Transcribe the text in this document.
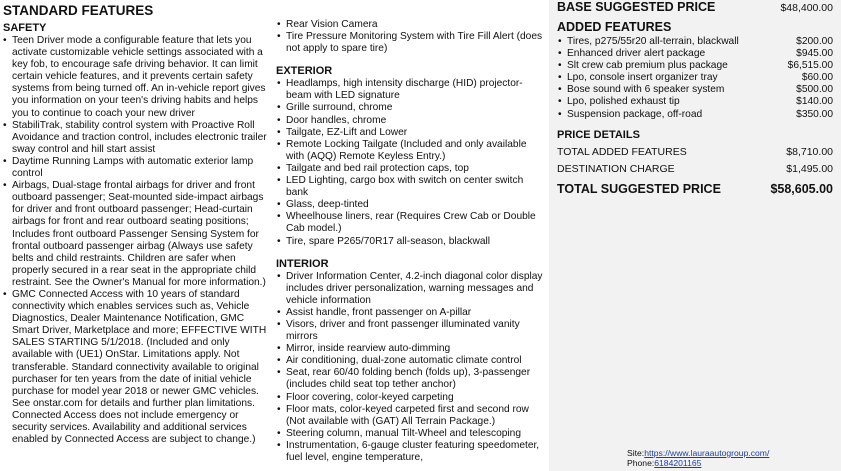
STANDARD FEATURES
SAFETY
• Teen Driver mode a configurable feature that lets you activate customizable vehicle settings associated with a key fob, to encourage safe driving behavior. It can limit certain vehicle features, and it prevents certain safety systems from being turned off. An in-vehicle report gives you information on your teen's driving habits and helps you to continue to coach your new driver
• StabiliTrak, stability control system with Proactive Roll Avoidance and traction control, includes electronic trailer sway control and hill start assist
• Daytime Running Lamps with automatic exterior lamp control
• Airbags, Dual-stage frontal airbags for driver and front outboard passenger; Seat-mounted side-impact airbags for driver and front outboard passenger; Head-curtain airbags for front and rear outboard seating positions; Includes front outboard Passenger Sensing System for frontal outboard passenger airbag (Always use safety belts and child restraints. Children are safer when properly secured in a rear seat in the appropriate child restraint. See the Owner's Manual for more information.)
• GMC Connected Access with 10 years of standard connectivity which enables services such as, Vehicle Diagnostics, Dealer Maintenance Notification, GMC Smart Driver, Marketplace and more; EFFECTIVE WITH SALES STARTING 5/1/2018. (Included and only available with (UE1) OnStar. Limitations apply. Not transferable. Standard connectivity available to original purchaser for ten years from the date of initial vehicle purchase for model year 2018 or newer GMC vehicles. See onstar.com for details and further plan limitations. Connected Access does not include emergency or security services. Availability and additional services enabled by Connected Access are subject to change.)
• Rear Vision Camera
• Tire Pressure Monitoring System with Tire Fill Alert (does not apply to spare tire)
EXTERIOR
• Headlamps, high intensity discharge (HID) projector-beam with LED signature
• Grille surround, chrome
• Door handles, chrome
• Tailgate, EZ-Lift and Lower
• Remote Locking Tailgate (Included and only available with (AQQ) Remote Keyless Entry.)
• Tailgate and bed rail protection caps, top
• LED Lighting, cargo box with switch on center switch bank
• Glass, deep-tinted
• Wheelhouse liners, rear (Requires Crew Cab or Double Cab model.)
• Tire, spare P265/70R17 all-season, blackwall
INTERIOR
• Driver Information Center, 4.2-inch diagonal color display includes driver personalization, warning messages and vehicle information
• Assist handle, front passenger on A-pillar
• Visors, driver and front passenger illuminated vanity mirrors
• Mirror, inside rearview auto-dimming
• Air conditioning, dual-zone automatic climate control
• Seat, rear 60/40 folding bench (folds up), 3-passenger (includes child seat top tether anchor)
• Floor covering, color-keyed carpeting
• Floor mats, color-keyed carpeted first and second row (Not available with (GAT) All Terrain Package.)
• Steering column, manual Tilt-Wheel and telescoping
• Instrumentation, 6-gauge cluster featuring speedometer, fuel level, engine temperature,
BASE SUGGESTED PRICE	$48,400.00
ADDED FEATURES
• Tires, p275/55r20 all-terrain, blackwall	$200.00
• Enhanced driver alert package	$945.00
• Slt crew cab premium plus package	$6,515.00
• Lpo, console insert organizer tray	$60.00
• Bose sound with 6 speaker system	$500.00
• Lpo, polished exhaust tip	$140.00
• Suspension package, off-road	$350.00
PRICE DETAILS
TOTAL ADDED FEATURES	$8,710.00
DESTINATION CHARGE	$1,495.00
TOTAL SUGGESTED PRICE	$58,605.00
Site:https://www.lauraautogroup.com/
Phone:6184201165
